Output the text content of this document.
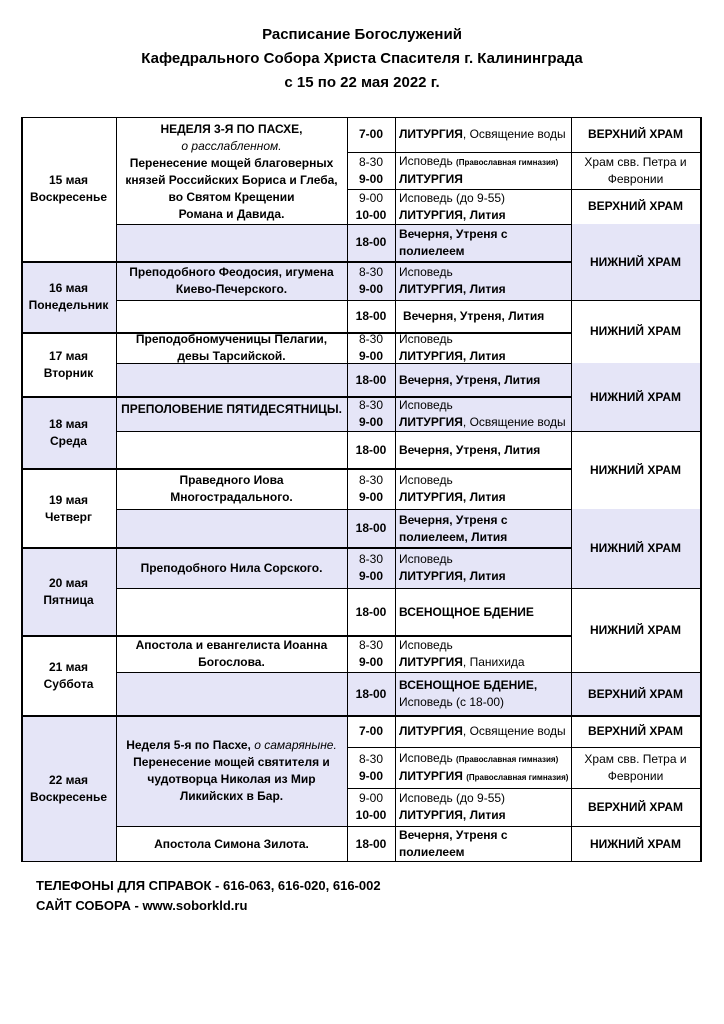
Расписание Богослужений
Кафедрального Собора Христа Спасителя г. Калининграда
с 15 по 22 мая 2022 г.
15 мая
Воскресенье
16 мая
Понедельник
17 мая
Вторник
18 мая
Среда
19 мая
Четверг
20 мая
Пятница
21 мая
Суббота
22 мая
Воскресенье
НЕДЕЛЯ 3-Я ПО ПАСХЕ,
о расслабленном.
Перенесение мощей благоверных
князей Российских Бориса и Глеба,
во Святом Крещении
Романа и Давида.
Преподобного Феодосия, игумена
Киево-Печерского.
Преподобномученицы Пелагии,
девы Тарсийской.
ПРЕПОЛОВЕНИЕ ПЯТИДЕСЯТНИЦЫ.
Праведного Иова
Многострадального.
Преподобного Нила Сорского.
Апостола и евангелиста Иоанна
Богослова.
Неделя 5-я по Пасхе, о самаряныне.
Перенесение мощей святителя и
чудотворца Николая из Мир
Ликийских в Бар.
Апостола Симона Зилота.
7-00
8-30
9-00
9-00
10-00
18-00
8-30
9-00
18-00
8-30
9-00
18-00
8-30
9-00
18-00
8-30
9-00
18-00
8-30
9-00
18-00
8-30
9-00
18-00
7-00
8-30
9-00
9-00
10-00
18-00
ЛИТУРГИЯ, Освящение воды
Исповедь (Православная гимназия)
ЛИТУРГИЯ
Исповедь (до 9-55)
ЛИТУРГИЯ, Лития
Вечерня, Утреня с
полиелеем
Исповедь
ЛИТУРГИЯ, Лития
Вечерня, Утреня, Лития
Исповедь
ЛИТУРГИЯ, Лития
Вечерня, Утреня, Лития
Исповедь
ЛИТУРГИЯ, Освящение воды
Вечерня, Утреня, Лития
Исповедь
ЛИТУРГИЯ, Лития
Вечерня, Утреня с
полиелеем, Лития
Исповедь
ЛИТУРГИЯ, Лития
ВСЕНОЩНОЕ БДЕНИЕ
Исповедь
ЛИТУРГИЯ, Панихида
ВСЕНОЩНОЕ БДЕНИЕ,
Исповедь (с 18-00)
ЛИТУРГИЯ, Освящение воды
Исповедь (Православная гимназия)
ЛИТУРГИЯ (Православная гимназия)
Исповедь (до 9-55)
ЛИТУРГИЯ, Лития
Вечерня, Утреня с
полиелеем
ВЕРХНИЙ ХРАМ
Храм свв. Петра и
Февронии
ВЕРХНИЙ ХРАМ
НИЖНИЙ ХРАМ
НИЖНИЙ ХРАМ
НИЖНИЙ ХРАМ
НИЖНИЙ ХРАМ
НИЖНИЙ ХРАМ
НИЖНИЙ ХРАМ
ВЕРХНИЙ ХРАМ
ВЕРХНИЙ ХРАМ
Храм свв. Петра и
Февронии
ВЕРХНИЙ ХРАМ
НИЖНИЙ ХРАМ
ТЕЛЕФОНЫ ДЛЯ СПРАВОК - 616-063, 616-020, 616-002
САЙТ СОБОРА - www.soborkld.ru
